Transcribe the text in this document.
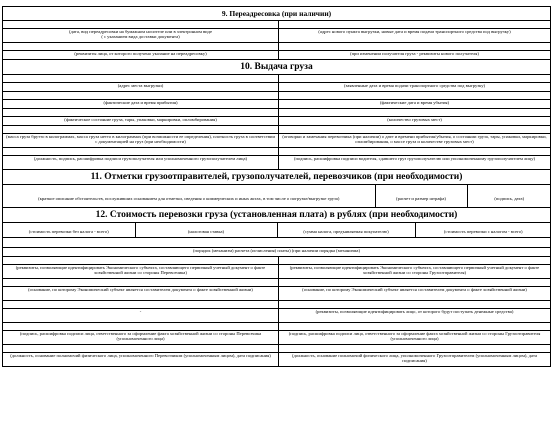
9. Переадресовка (при наличии)

(дата, вид переадресовки на бумажном носителе или в электронном виде
( с указанием вида доставки документа)	(адрес нового пункта выгрузки, новые дата и время подачи транспортного средства под выгрузку)

(реквизиты лица, от которого получено указание на переадресовку)	(при изменении получателя груза - реквизиты нового получателя)
10. Выдача груза

(адрес места выгрузки)	(заявленные дата и время подачи транспортного средства под выгрузку)

(фактические дата и время прибытия)	(фактические дата и время убытия)

(фактическое состояние груза, тары, упаковки, маркировки, опломбирования)	(количество грузовых мест)

(масса груза брутто в килограммах, масса груза нетто в килограммах (при возможности ее определения), плотность груза в соответствии с документацией на груз (при необходимости)	(оговорки и замечания перевозчика (при наличии) о дате и времени прибытия/убытия, о состоянии груза, тары, упаковки, маркировки, опломбирования, о массе груза и количестве грузовых мест)

(должность, подпись, расшифровка подписи грузополучателя или уполномоченного грузополучателем лица)	(подпись, расшифровка подписи водителя, сдавшего груз грузополучателю или уполномоченному грузополучателем лицу)
11. Отметки грузоотправителей, грузополучателей, перевозчиков (при необходимости)

(краткое описание обстоятельств, послуживших основанием для отметки, сведения о коммерческих и иных актах, в том числе о погрузке/выгрузке груза)	(расчет и размер штрафа)	(подпись, дата)

12. Стоимость перевозки груза (установленная плата) в рублях (при необходимости)

(стоимость перевозки без налога - всего)	(налоговая ставка)	(сумма налога, предъявляемая покупателю)	(стоимость перевозки с налогом - всего)

(порядок (механизм) расчета (исчисления) платы) (при наличии порядка (механизма)

(реквизиты, позволяющие идентифицировать Экономического субъекта, составляющего первичный учетный документ о факте хозяйственной жизни со стороны Перевозчика)	(реквизиты, позволяющие идентифицировать Экономического субъекта, составляющего первичный учетный документ о факте хозяйственной жизни со стороны Грузоотправителя)

(основание, по которому Экономический субъект является составителем документа о факте хозяйственной жизни)	(основание, по которому Экономический субъект является составителем документа о факте хозяйственной жизни)

-	(реквизиты, позволяющие идентифицировать лицо, от которого будут поступать денежные средства)

(подпись, расшифровка подписи лица, ответственного за оформление факта хозяйственной жизни со стороны Перевозчика (уполномоченного лица)	(подпись, расшифровка подписи лица, ответственного за оформление факта хозяйственной жизни со стороны Грузоотправителя (уполномоченного лица)

(должность, основание полномочий физического лица, уполномоченного Перевозчиком (уполномоченным лицом), дата подписания)	(должность, основание полномочий физического лица, уполномоченного Грузоотправителем (уполномоченным лицом), дата подписания)
